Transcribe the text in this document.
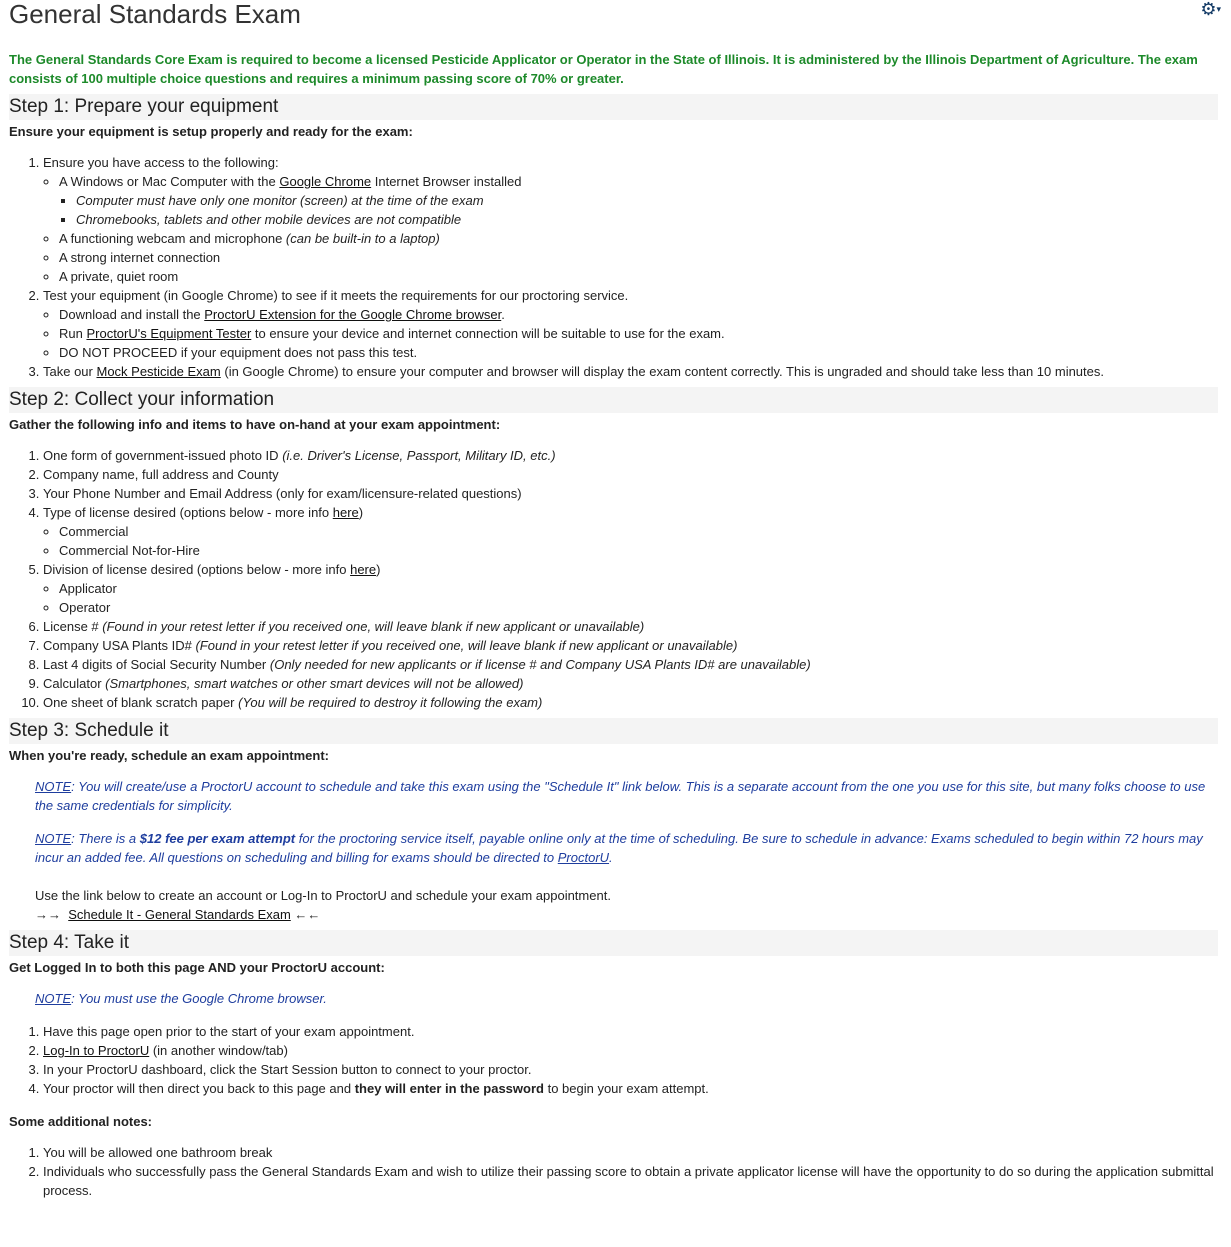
⚙▾
General Standards Exam
The General Standards Core Exam is required to become a licensed Pesticide Applicator or Operator in the State of Illinois. It is administered by the Illinois Department of Agriculture. The exam consists of 100 multiple choice questions and requires a minimum passing score of 70% or greater.
Step 1: Prepare your equipment
Ensure your equipment is setup properly and ready for the exam:
1. Ensure you have access to the following:
◦ A Windows or Mac Computer with the Google Chrome Internet Browser installed
▪ Computer must have only one monitor (screen) at the time of the exam
▪ Chromebooks, tablets and other mobile devices are not compatible
◦ A functioning webcam and microphone (can be built-in to a laptop)
◦ A strong internet connection
◦ A private, quiet room
2. Test your equipment (in Google Chrome) to see if it meets the requirements for our proctoring service.
◦ Download and install the ProctorU Extension for the Google Chrome browser.
◦ Run ProctorU's Equipment Tester to ensure your device and internet connection will be suitable to use for the exam.
◦ DO NOT PROCEED if your equipment does not pass this test.
3. Take our Mock Pesticide Exam (in Google Chrome) to ensure your computer and browser will display the exam content correctly. This is ungraded and should take less than 10 minutes.
Step 2: Collect your information
Gather the following info and items to have on-hand at your exam appointment:
1. One form of government-issued photo ID (i.e. Driver's License, Passport, Military ID, etc.)
2. Company name, full address and County
3. Your Phone Number and Email Address (only for exam/licensure-related questions)
4. Type of license desired (options below - more info here)
◦ Commercial
◦ Commercial Not-for-Hire
5. Division of license desired (options below - more info here)
◦ Applicator
◦ Operator
6. License # (Found in your retest letter if you received one, will leave blank if new applicant or unavailable)
7. Company USA Plants ID# (Found in your retest letter if you received one, will leave blank if new applicant or unavailable)
8. Last 4 digits of Social Security Number (Only needed for new applicants or if license # and Company USA Plants ID# are unavailable)
9. Calculator (Smartphones, smart watches or other smart devices will not be allowed)
10. One sheet of blank scratch paper (You will be required to destroy it following the exam)
Step 3: Schedule it
When you're ready, schedule an exam appointment:
NOTE: You will create/use a ProctorU account to schedule and take this exam using the "Schedule It" link below. This is a separate account from the one you use for this site, but many folks choose to use the same credentials for simplicity.
NOTE: There is a $12 fee per exam attempt for the proctoring service itself, payable online only at the time of scheduling. Be sure to schedule in advance: Exams scheduled to begin within 72 hours may incur an added fee. All questions on scheduling and billing for exams should be directed to ProctorU.
Use the link below to create an account or Log-In to ProctorU and schedule your exam appointment.
→→ Schedule It - General Standards Exam ←←
Step 4: Take it
Get Logged In to both this page AND your ProctorU account:
NOTE: You must use the Google Chrome browser.
1. Have this page open prior to the start of your exam appointment.
2. Log-In to ProctorU (in another window/tab)
3. In your ProctorU dashboard, click the Start Session button to connect to your proctor.
4. Your proctor will then direct you back to this page and they will enter in the password to begin your exam attempt.
Some additional notes:
1. You will be allowed one bathroom break
2. Individuals who successfully pass the General Standards Exam and wish to utilize their passing score to obtain a private applicator license will have the opportunity to do so during the application submittal process.
